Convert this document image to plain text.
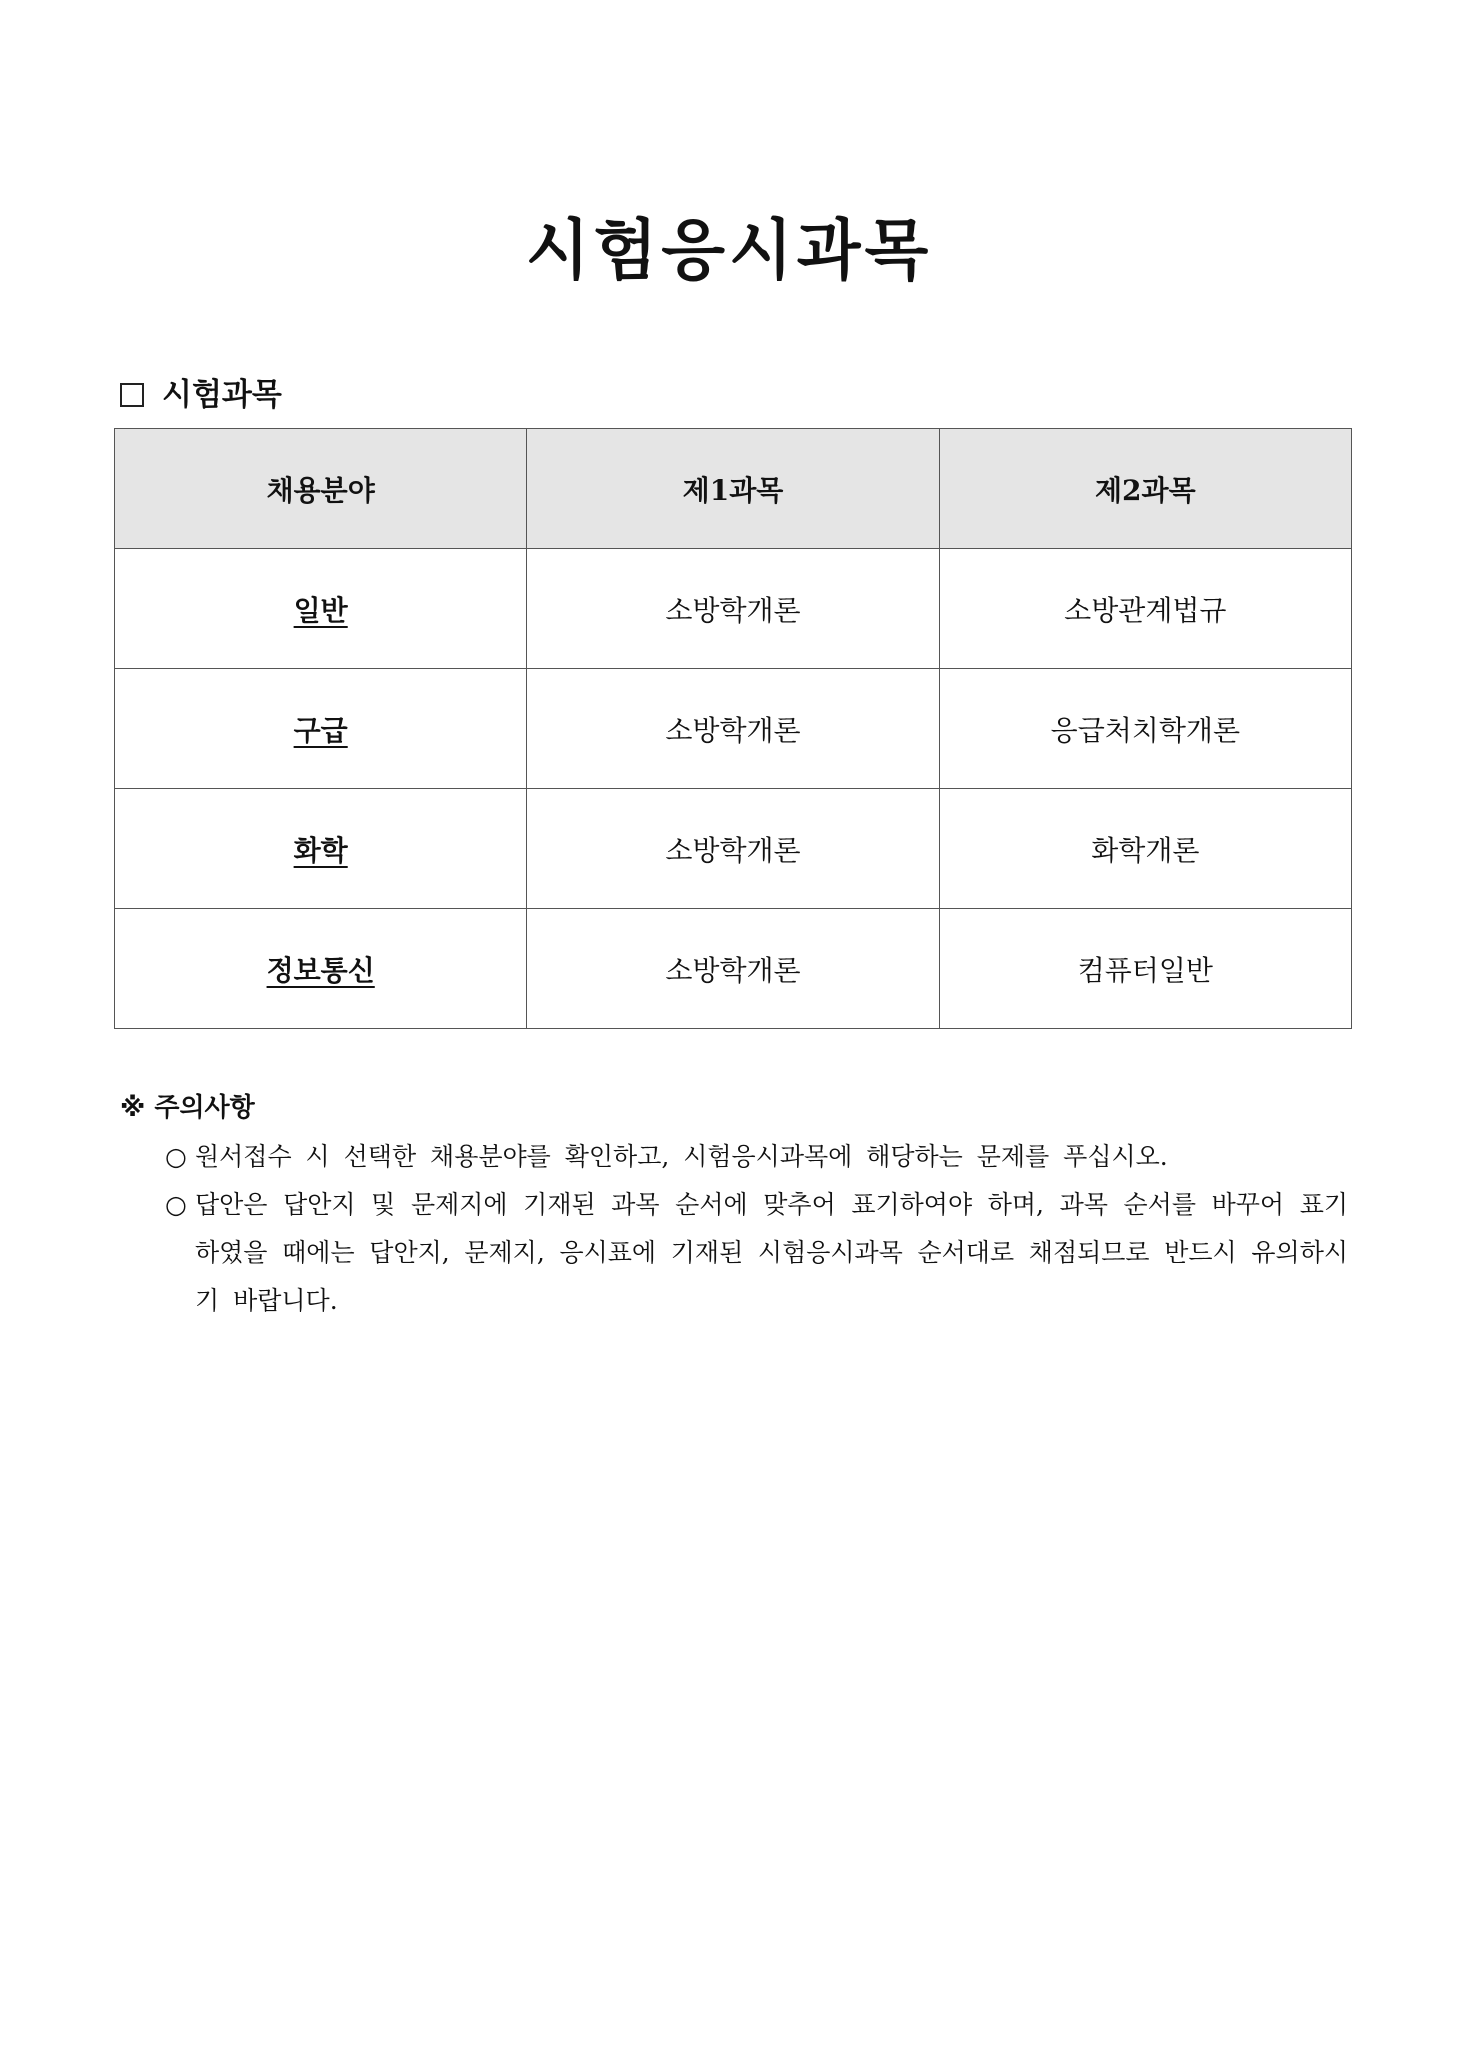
시험응시과목
시험과목
채용분야	제1과목	제2과목
일반	소방학개론	소방관계법규
구급	소방학개론	응급처치학개론
화학	소방학개론	화학개론
정보통신	소방학개론	컴퓨터일반
※ 주의사항
○ 원서접수 시 선택한 채용분야를 확인하고, 시험응시과목에 해당하는 문제를 푸십시오.
○ 답안은 답안지 및 문제지에 기재된 과목 순서에 맞추어 표기하여야 하며, 과목 순서를 바꾸어 표기하였을 때에는 답안지, 문제지, 응시표에 기재된 시험응시과목 순서대로 채점되므로 반드시 유의하시기 바랍니다.
